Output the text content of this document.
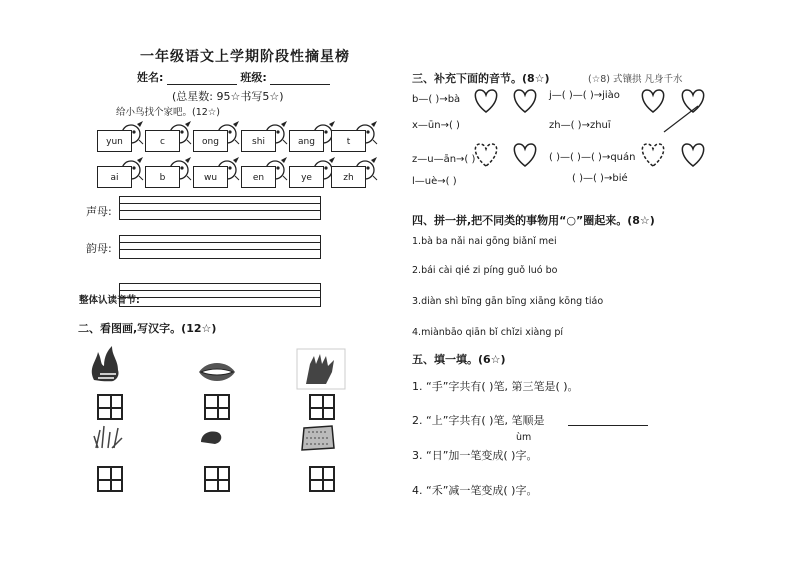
一年级语文上学期阶段性摘星榜
姓名:	班级:
(总星数: 95☆书写5☆)
给小鸟找个家吧。(12☆)
yun	c	ong	shi	ang	t
ai	b	wu	en	ye	zh
声母:
韵母:
整体认读音节:
二、看图画,写汉字。(12☆)
三、补充下面的音节。(8☆)	(☆8) 式镶拱 凡身千水
b—( )→bà	j—( )—( )→jiào
x—ūn→( )	zh—( )→zhuī
z—u—ān→( )	( )—( )—( )→quán
l—uè→( )	( )—( )→bié
四、拼一拼,把不同类的事物用“○”圈起来。(8☆)
1.bà ba nǎi nai gōng biǎnǐ mei
2.bái cài qié zi píng guǒ luó bo
3.diàn shì bīng gān bīng xiāng kōng tiáo
4.miànbāo qiān bǐ chǐzi xiàng pí
五、填一填。(6☆)
1. “手”字共有( )笔, 第三笔是( )。
2. “上”字共有( )笔, 笔顺是
ùm
3. “日”加一笔变成( )字。
4. “禾”减一笔变成( )字。
